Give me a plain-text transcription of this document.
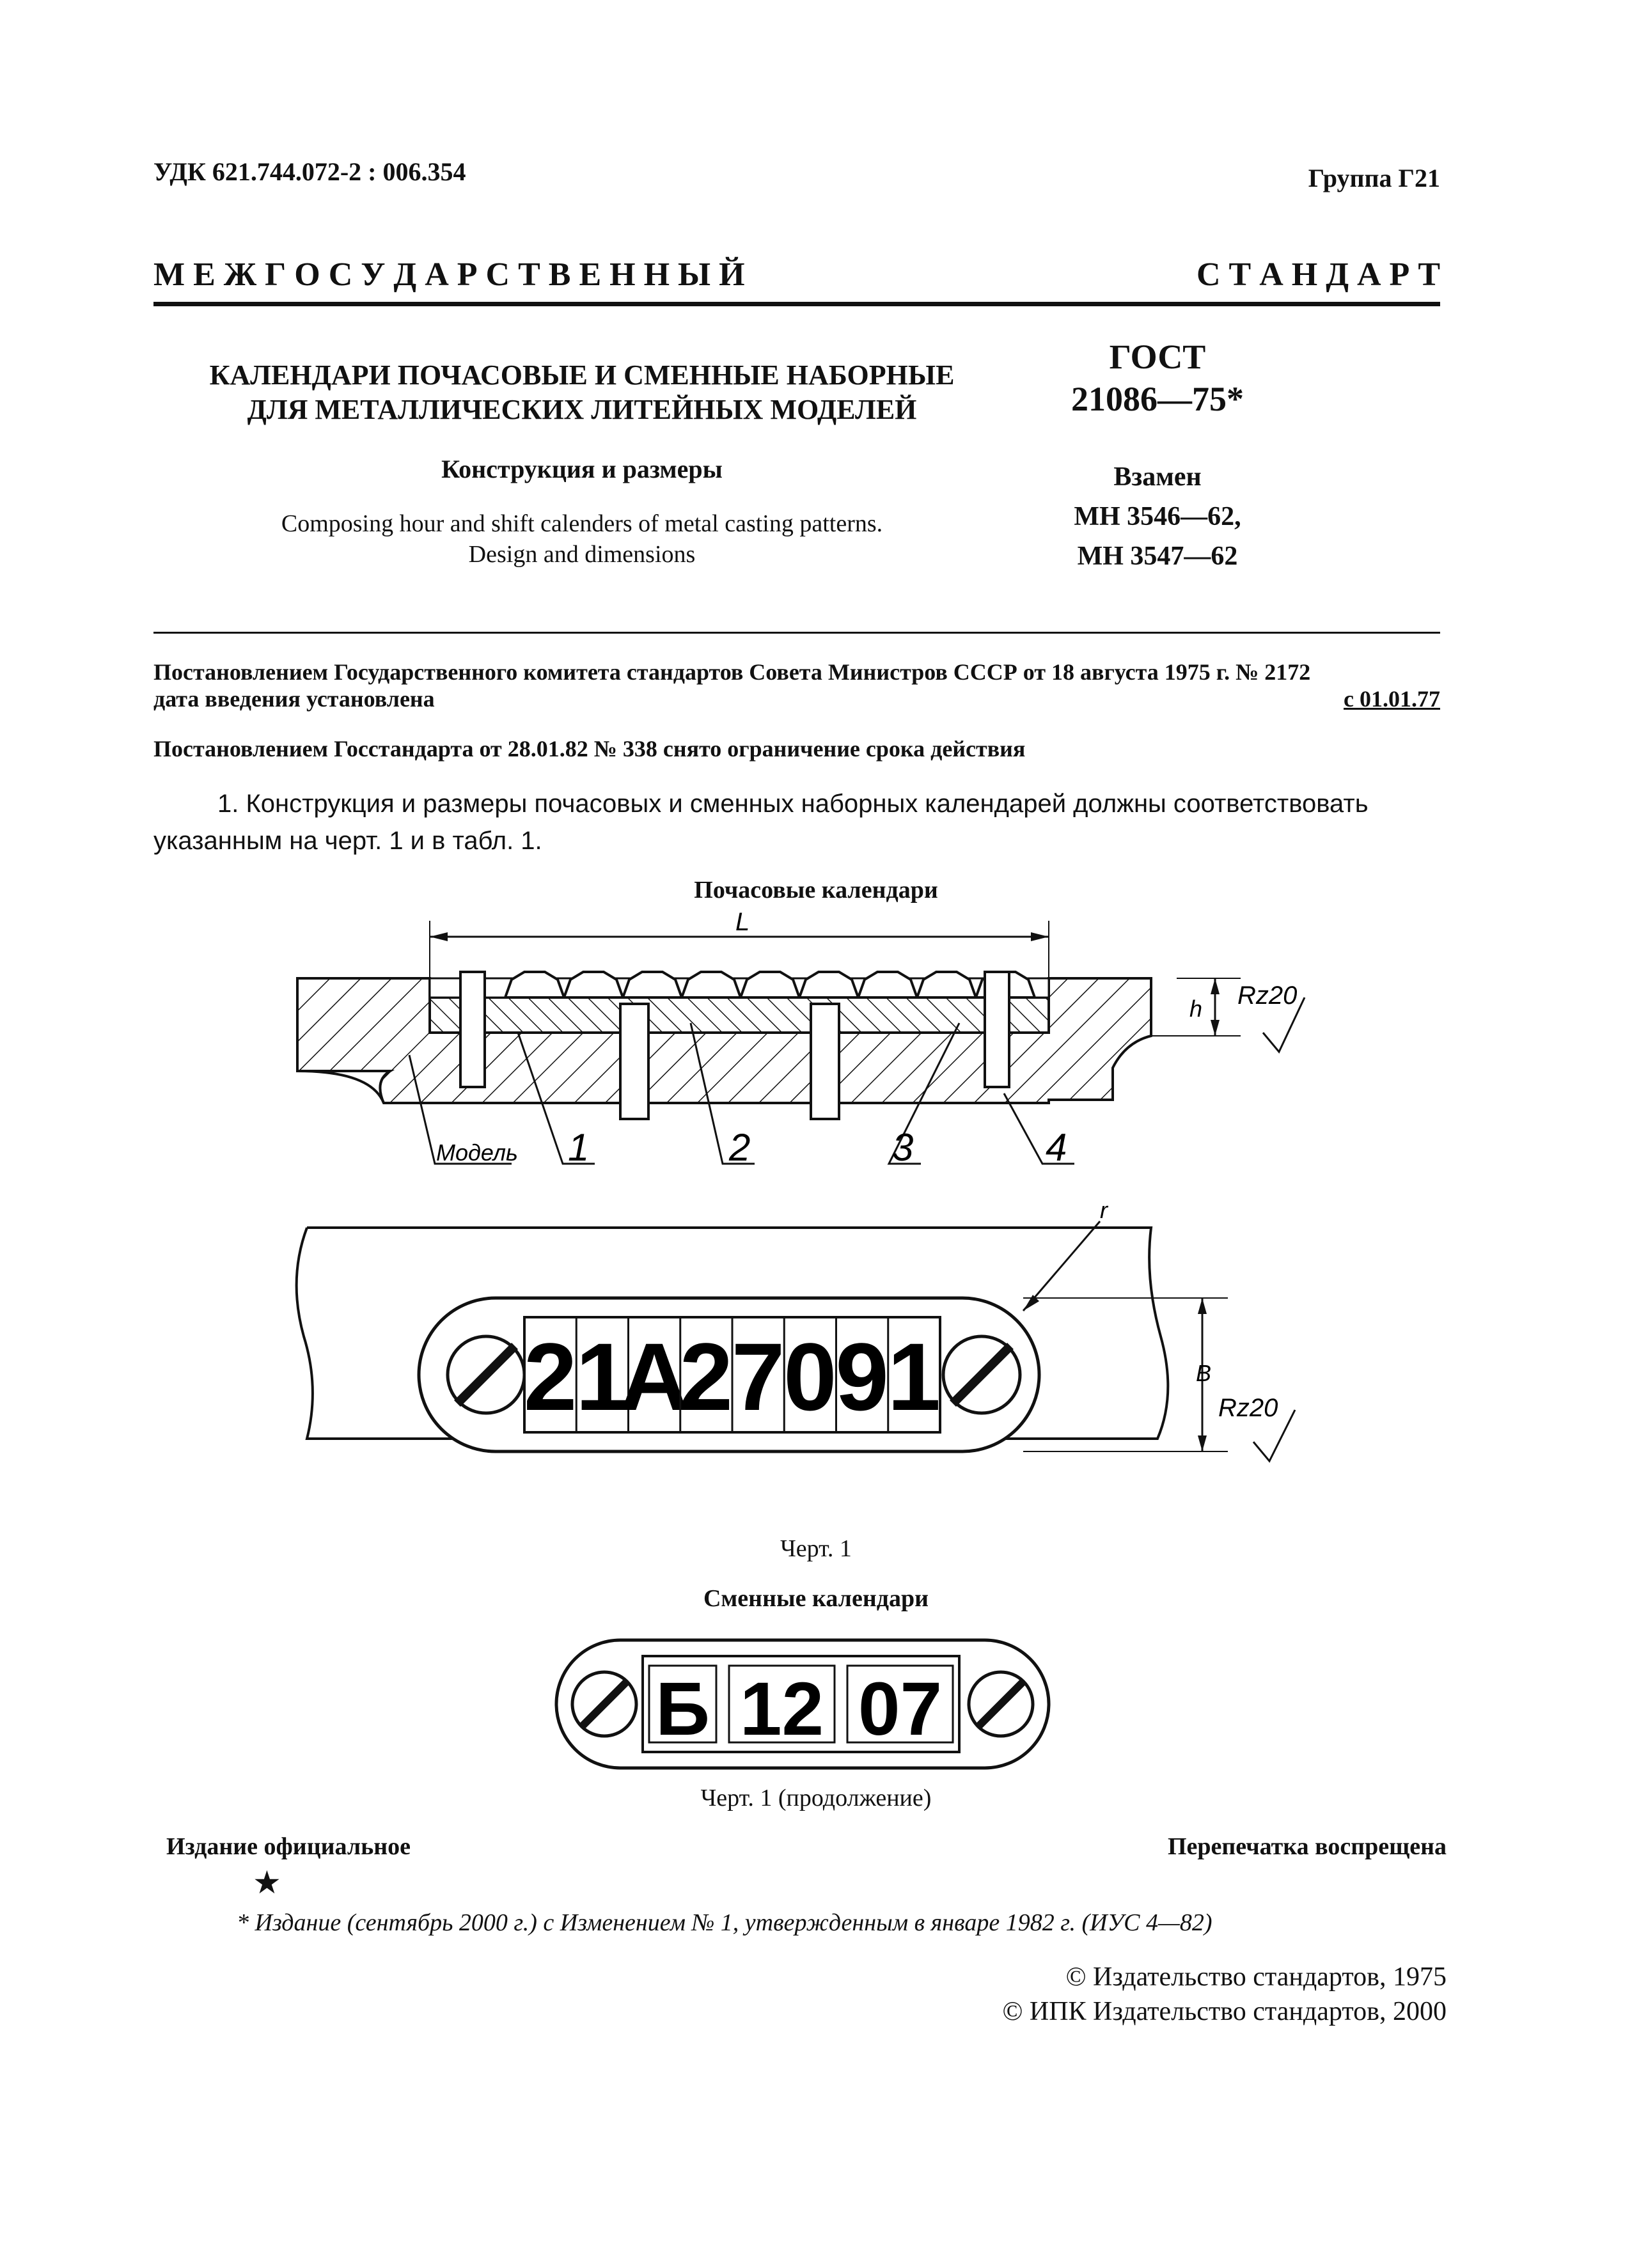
УДК 621.744.072-2 : 006.354	Группа Г21
М Е Ж Г О С У Д А Р С Т В Е Н Н Ы Й	С Т А Н Д А Р Т
КАЛЕНДАРИ ПОЧАСОВЫЕ И СМЕННЫЕ НАБОРНЫЕ
ДЛЯ МЕТАЛЛИЧЕСКИХ ЛИТЕЙНЫХ МОДЕЛЕЙ
ГОСТ
21086—75*
Конструкция и размеры
Composing hour and shift calenders of metal casting patterns.
Design and dimensions
Взамен
МН 3546—62,
МН 3547—62
Постановлением Государственного комитета стандартов Совета Министров СССР от 18 августа 1975 г. № 2172
дата введения установлена	с 01.01.77
Постановлением Госстандарта от 28.01.82 № 338 снято ограничение срока действия
1. Конструкция и размеры почасовых и сменных наборных календарей должны соответствовать указанным на черт. 1 и в табл. 1.
Почасовые календари
L
h Rz20
Модель 1	2	3	4
r
B
Rz20
2
1
А
2
7
0
9
1
Черт. 1
Сменные календари
Б 12 07
Черт. 1 (продолжение)
Издание официальное	Перепечатка воспрещена
★
* Издание (сентябрь 2000 г.) с Изменением № 1, утвержденным в январе 1982 г. (ИУС 4—82)
© Издательство стандартов, 1975
© ИПК Издательство стандартов, 2000
